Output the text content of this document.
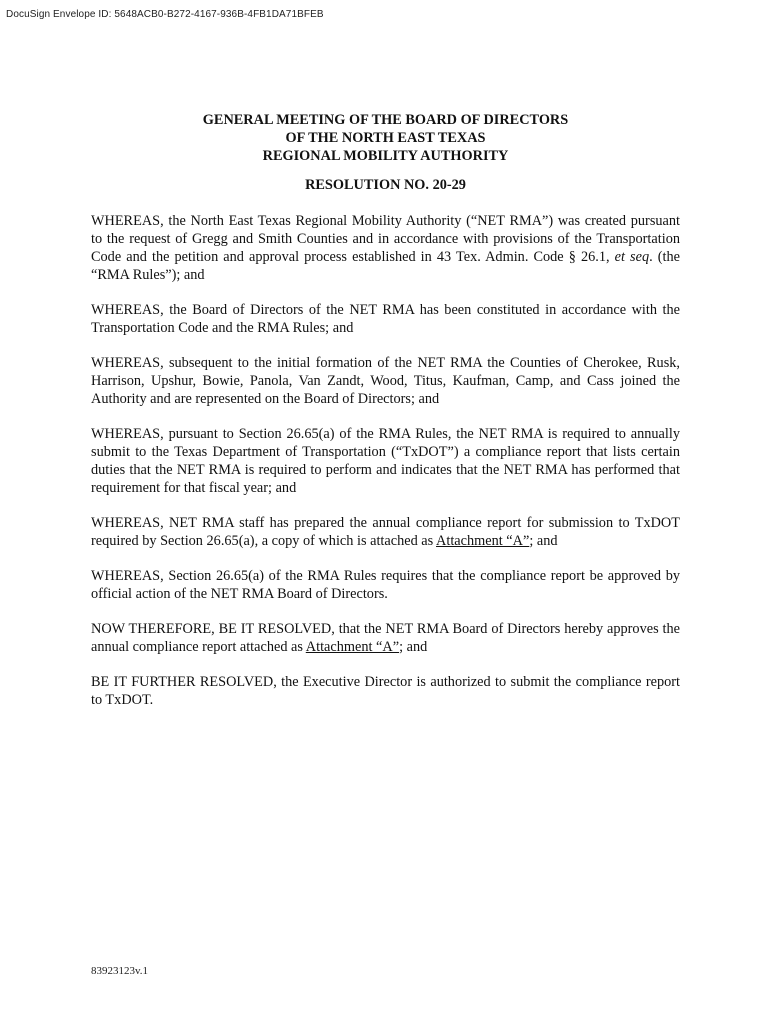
DocuSign Envelope ID: 5648ACB0-B272-4167-936B-4FB1DA71BFEB
GENERAL MEETING OF THE BOARD OF DIRECTORS
OF THE NORTH EAST TEXAS
REGIONAL MOBILITY AUTHORITY
RESOLUTION NO. 20-29

WHEREAS, the North East Texas Regional Mobility Authority (“NET RMA”) was created pursuant to the request of Gregg and Smith Counties and in accordance with provisions of the Transportation Code and the petition and approval process established in 43 Tex. Admin. Code § 26.1, et seq. (the “RMA Rules”); and

WHEREAS, the Board of Directors of the NET RMA has been constituted in accordance with the Transportation Code and the RMA Rules; and

WHEREAS, subsequent to the initial formation of the NET RMA the Counties of Cherokee, Rusk, Harrison, Upshur, Bowie, Panola, Van Zandt, Wood, Titus, Kaufman, Camp, and Cass joined the Authority and are represented on the Board of Directors; and

WHEREAS, pursuant to Section 26.65(a) of the RMA Rules, the NET RMA is required to annually submit to the Texas Department of Transportation (“TxDOT”) a compliance report that lists certain duties that the NET RMA is required to perform and indicates that the NET RMA has performed that requirement for that fiscal year; and

WHEREAS, NET RMA staff has prepared the annual compliance report for submission to TxDOT required by Section 26.65(a), a copy of which is attached as Attachment “A”; and

WHEREAS, Section 26.65(a) of the RMA Rules requires that the compliance report be approved by official action of the NET RMA Board of Directors.

NOW THEREFORE, BE IT RESOLVED, that the NET RMA Board of Directors hereby approves the annual compliance report attached as Attachment “A”; and

BE IT FURTHER RESOLVED, the Executive Director is authorized to submit the compliance report to TxDOT.

83923123v.1
